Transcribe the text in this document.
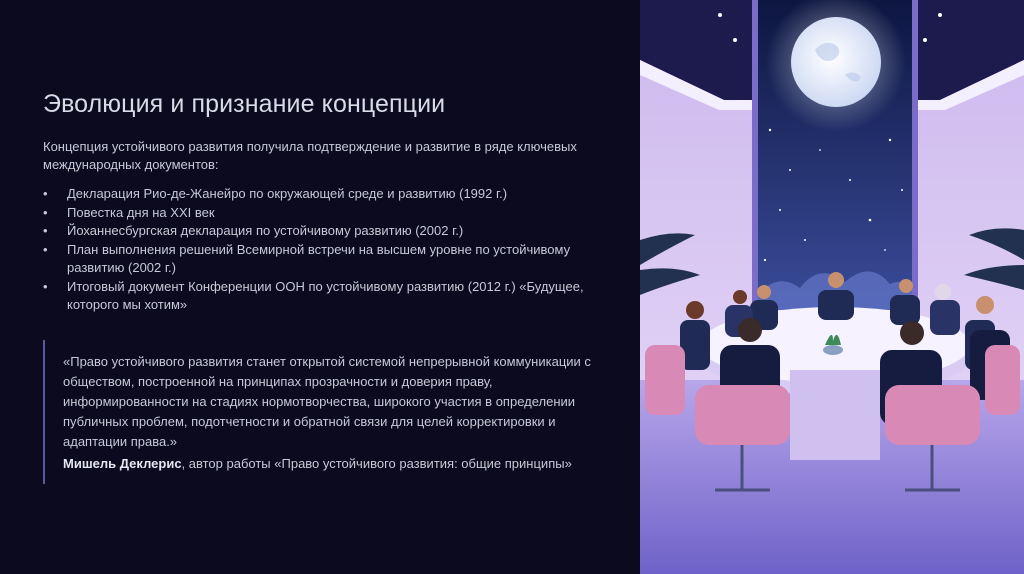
Эволюция и признание концепции
Концепция устойчивого развития получила подтверждение и развитие в ряде ключевых международных документов:
• Декларация Рио-де-Жанейро по окружающей среде и развитию (1992 г.)
• Повестка дня на XXI век
• Йоханнесбургская декларация по устойчивому развитию (2002 г.)
• План выполнения решений Всемирной встречи на высшем уровне по устойчивому развитию (2002 г.)
• Итоговый документ Конференции ООН по устойчивому развитию (2012 г.) «Будущее, которого мы хотим»
«Право устойчивого развития станет открытой системой непрерывной коммуникации с обществом, построенной на принципах прозрачности и доверия праву, информированности на стадиях нормотворчества, широкого участия в определении публичных проблем, подотчетности и обратной связи для целей корректировки и адаптации права.»
Мишель Деклерис, автор работы «Право устойчивого развития: общие принципы»
